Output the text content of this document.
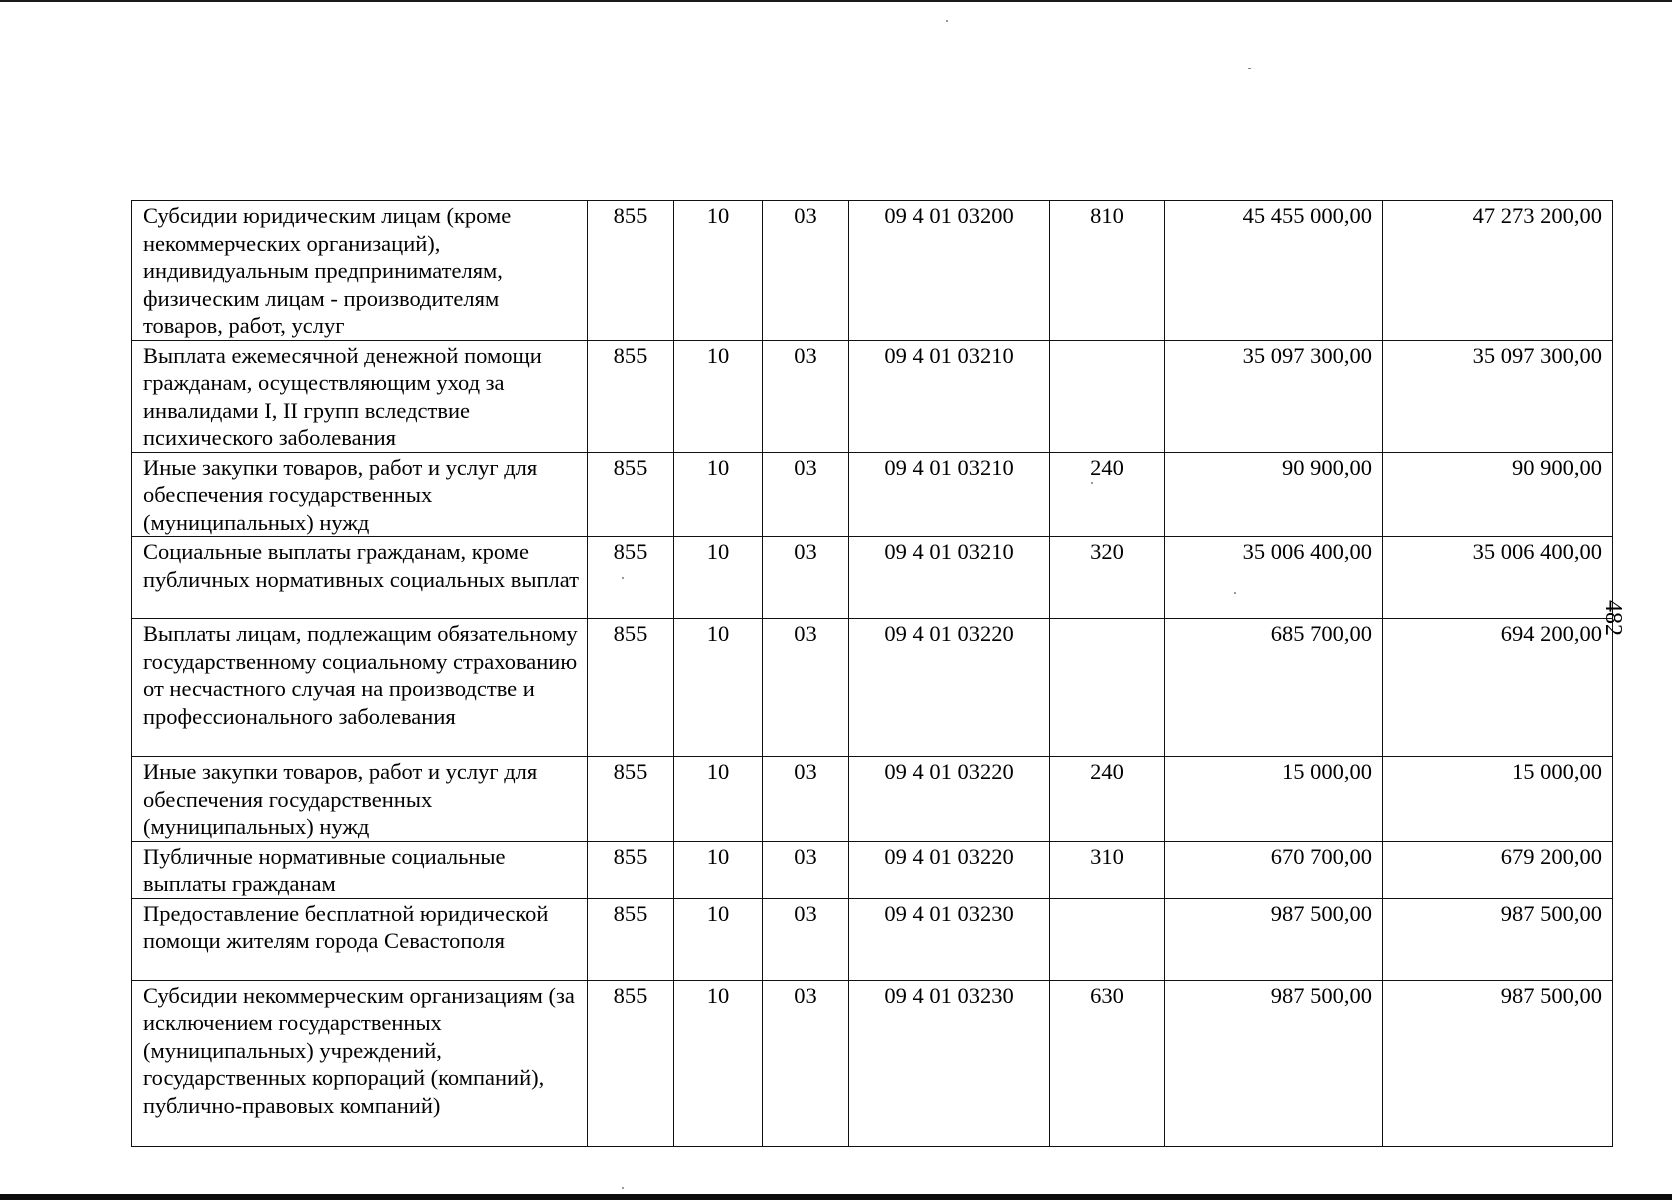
Субсидии юридическим лицам (кроме некоммерческих организаций), индивидуальным предпринимателям, физическим лицам - производителям товаров, работ, услуг	855	10	03	09 4 01 03200	810	45 455 000,00	47 273 200,00
Выплата ежемесячной денежной помощи гражданам, осуществляющим уход за инвалидами I, II групп вследствие психического заболевания	855	10	03	09 4 01 03210		35 097 300,00	35 097 300,00
Иные закупки товаров, работ и услуг для обеспечения государственных (муниципальных) нужд	855	10	03	09 4 01 03210	240	90 900,00	90 900,00
Социальные выплаты гражданам, кроме публичных нормативных социальных выплат	855	10	03	09 4 01 03210	320	35 006 400,00	35 006 400,00
Выплаты лицам, подлежащим обязательному государственному социальному страхованию от несчастного случая на производстве и профессионального заболевания	855	10	03	09 4 01 03220		685 700,00	694 200,00
Иные закупки товаров, работ и услуг для обеспечения государственных (муниципальных) нужд	855	10	03	09 4 01 03220	240	15 000,00	15 000,00
Публичные нормативные социальные выплаты гражданам	855	10	03	09 4 01 03220	310	670 700,00	679 200,00
Предоставление бесплатной юридической помощи жителям города Севастополя	855	10	03	09 4 01 03230		987 500,00	987 500,00
Субсидии некоммерческим организациям (за исключением государственных (муниципальных) учреждений, государственных корпораций (компаний), публично-правовых компаний)	855	10	03	09 4 01 03230	630	987 500,00	987 500,00
482
